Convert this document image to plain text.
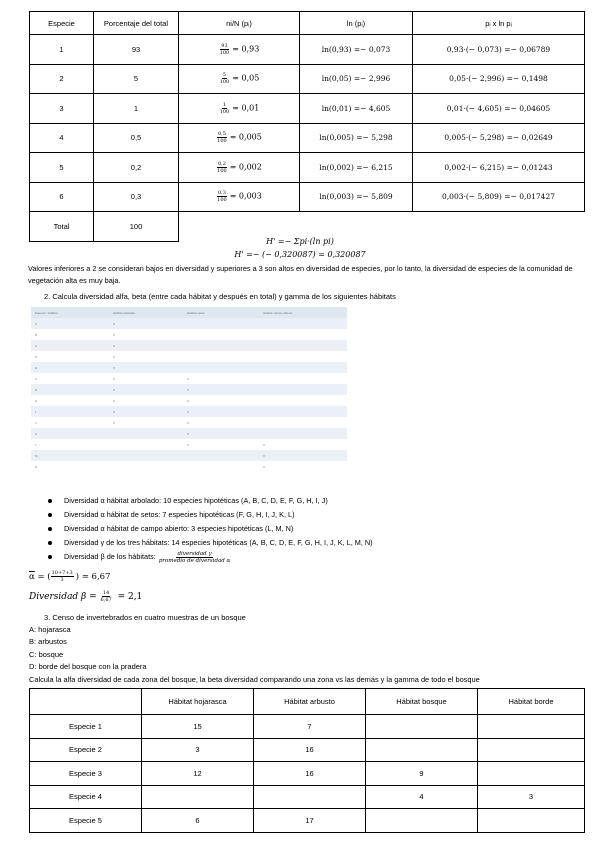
Especie	Porcentaje del total	ni/N (pᵢ)	ln (pᵢ)	pᵢ x ln pᵢ
1	93	$\frac{93}{100} = 0,93$	ln(0,93) =− 0,073	0,93·(− 0,073) =− 0,06789
2	5	$\frac{5}{100} = 0,05$	ln(0,05) =− 2,996	0,05·(− 2,996) =− 0,1498
3	1	$\frac{1}{100} = 0,01$	ln(0,01) =− 4,605	0,01·(− 4,605) =− 0,04605
4	0,5	$\frac{0,5}{100} = 0,005$	ln(0,005) =− 5,298	0,005·(− 5,298) =− 0,02649
5	0,2	$\frac{0,2}{100} = 0,002$	ln(0,002) =− 6,215	0,002·(− 6,215) =− 0,01243
6	0,3	$\frac{0,3}{100} = 0,003$	ln(0,003) =− 5,809	0,003·(− 5,809) =− 0,017427
Total	100			
H' =− Σpi·(ln pi)
H' =− (− 0,320087) = 0,320087
Valores inferiores a 2 se consideran bajos en diversidad y superiores a 3 son altos en diversidad de especies, por lo tanto, la diversidad de especies de la comunidad de vegetación alta es muy baja.
2. Calcula diversidad alfa, beta (entre cada hábitat y después en total) y gamma de los siguientes hábitats
Especie / Hábitat	Hábitat arbolado	Hábitat setos	Hábitat campo abierto
A	X		
B	X		
C	X		
D	X		
E	X		
F	X	X	
G	X	X	
H	X	X	
I	X	X	
J	X	X	
K		X	
L		X	X
M			X
N			X
Diversidad α hábitat arbolado: 10 especies hipotéticas (A, B, C, D, E, F, G, H, I, J)
Diversidad α hábitat de setos: 7 especies hipotéticas (F, G, H, I, J, K, L)
Diversidad α hábitat de campo abierto: 3 especies hipotéticas (L, M, N)
Diversidad γ de los tres hábitats: 14 especies hipotéticas (A, B, C, D, E, F, G, H, I, J, K, L, M, N)
Diversidad β de los hábitats: $\frac{\text{diversidad γ}}{\text{promedio de diversidad α}}$
$\overline{\alpha}$ = ( $\frac{10+7+3}{3}$ ) ≃ 6,67
Diversidad $\beta = \frac{14}{6,67} = 2,1$
3. Censo de invertebrados en cuatro muestras de un bosque
A: hojarasca
B: arbustos
C: bosque
D: borde del bosque con la pradera
Calcula la alfa diversidad de cada zona del bosque, la beta diversidad comparando una zona vs las demás y la gamma de todo el bosque
	Hábitat hojarasca	Hábitat arbusto	Hábitat bosque	Hábitat borde
Especie 1	15	7		
Especie 2	3	16		
Especie 3	12	16	9	
Especie 4			4	3
Especie 5	6	17		
